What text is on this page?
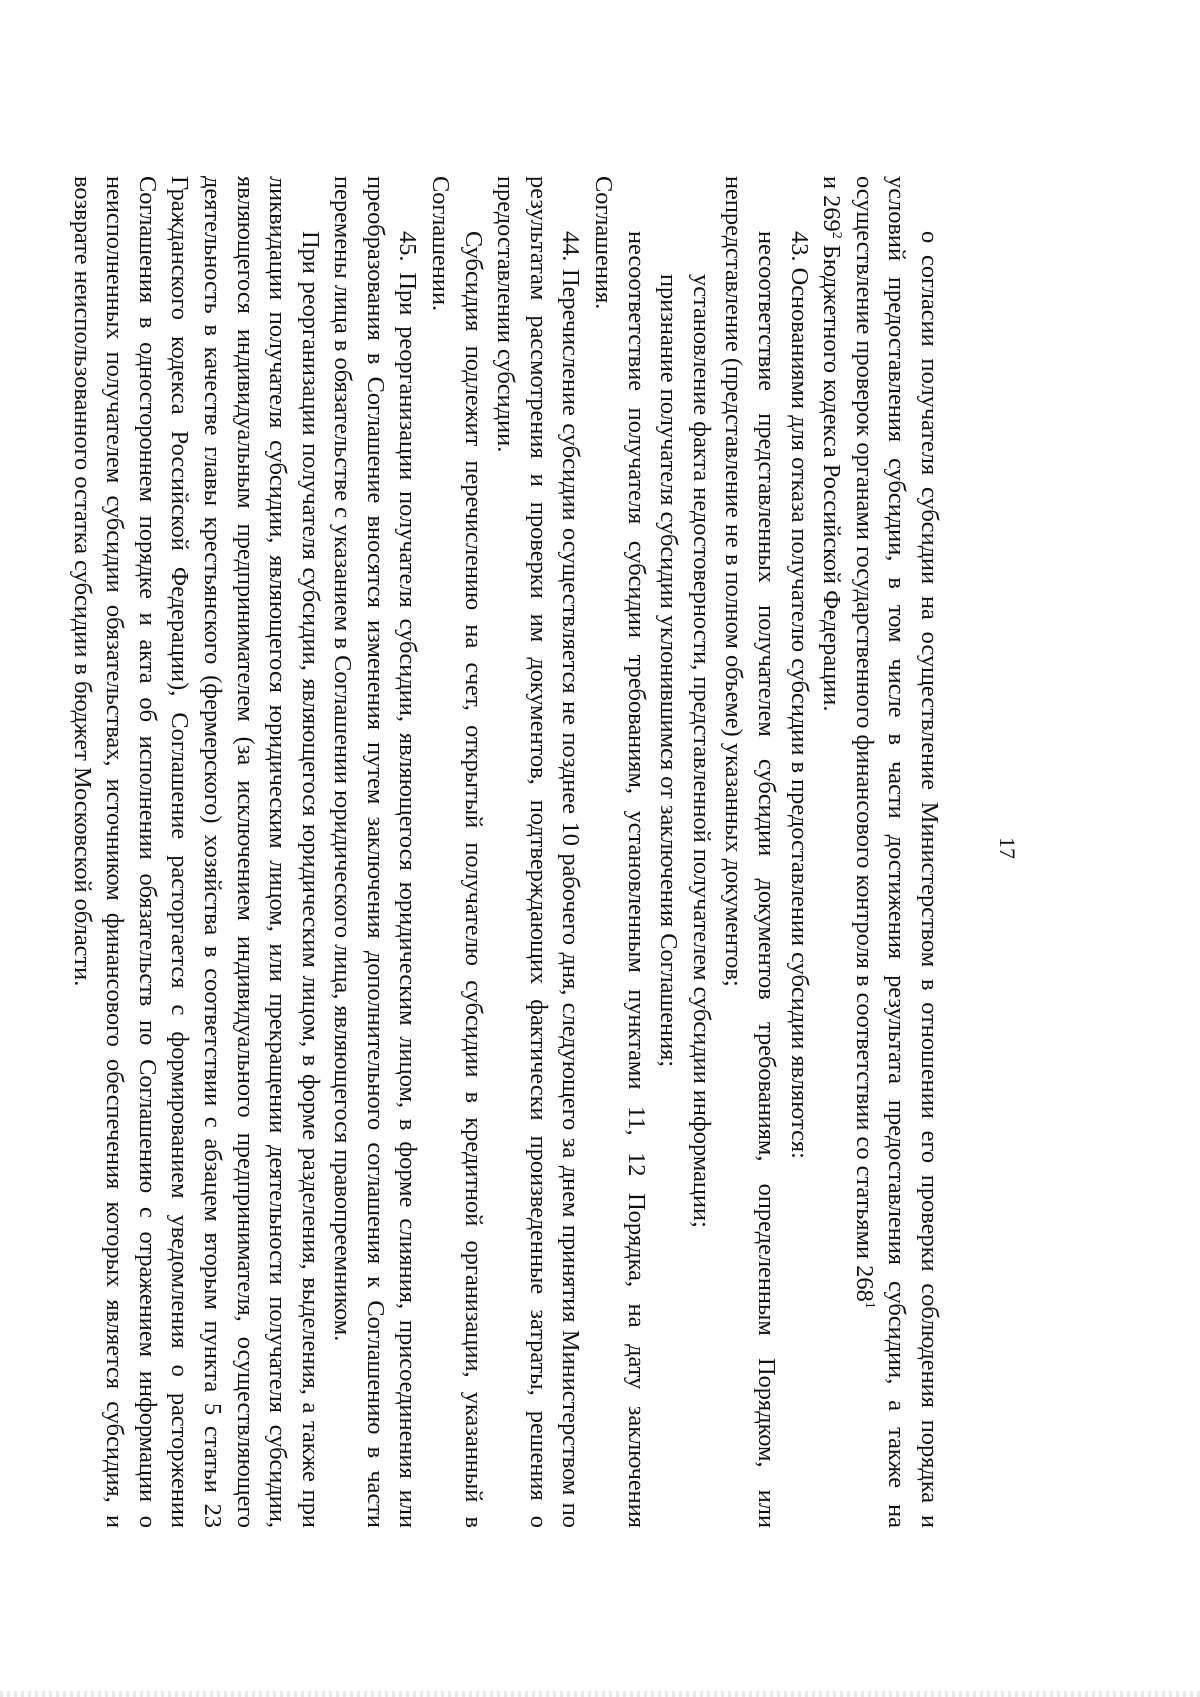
17

о согласии получателя субсидии на осуществление Министерством в отношении его проверки соблюдения порядка и условий предоставления субсидии, в том числе в части достижения результата предоставления субсидии, а также на осуществление проверок органами государственного финансового контроля в соответствии со статьями $268^1$

и $269^2$ Бюджетного кодекса Российской Федерации.

43. Основаниями для отказа получателю субсидии в предоставлении субсидии являются:

несоответствие представленных получателем субсидии документов требованиям, определенным Порядком, или непредставление (представление не в полном объеме) указанных документов;

установление факта недостоверности, представленной получателем субсидии информации;

признание получателя субсидии уклонившимся от заключения Соглашения;

несоответствие получателя субсидии требованиям, установленным пунктами 11, 12 Порядка, на дату заключения Соглашения.

44. Перечисление субсидии осуществляется не позднее 10 рабочего дня, следующего за днем принятия Министерством по результатам рассмотрения и проверки им документов, подтверждающих фактически произведенные затраты, решения о предоставлении субсидии.

Субсидия подлежит перечислению на счет, открытый получателю субсидии в кредитной организации, указанный в Соглашении.

45. При реорганизации получателя субсидии, являющегося юридическим лицом, в форме слияния, присоединения или преобразования в Соглашение вносятся изменения путем заключения дополнительного соглашения к Соглашению в части перемены лица в обязательстве с указанием в Соглашении юридического лица, являющегося правопреемником.

При реорганизации получателя субсидии, являющегося юридическим лицом, в форме разделения, выделения, а также при ликвидации получателя субсидии, являющегося юридическим лицом, или прекращении деятельности получателя субсидии, являющегося индивидуальным предпринимателем (за исключением индивидуального предпринимателя, осуществляющего деятельность в качестве главы крестьянского (фермерского) хозяйства в соответствии с абзацем вторым пункта 5 статьи 23 Гражданского кодекса Российской Федерации), Соглашение расторгается с формированием уведомления о расторжении Соглашения в одностороннем порядке и акта об исполнении обязательств по Соглашению с отражением информации о неисполненных получателем субсидии обязательствах, источником финансового обеспечения которых является субсидия, и возврате неиспользованного остатка субсидии в бюджет Московской области.
